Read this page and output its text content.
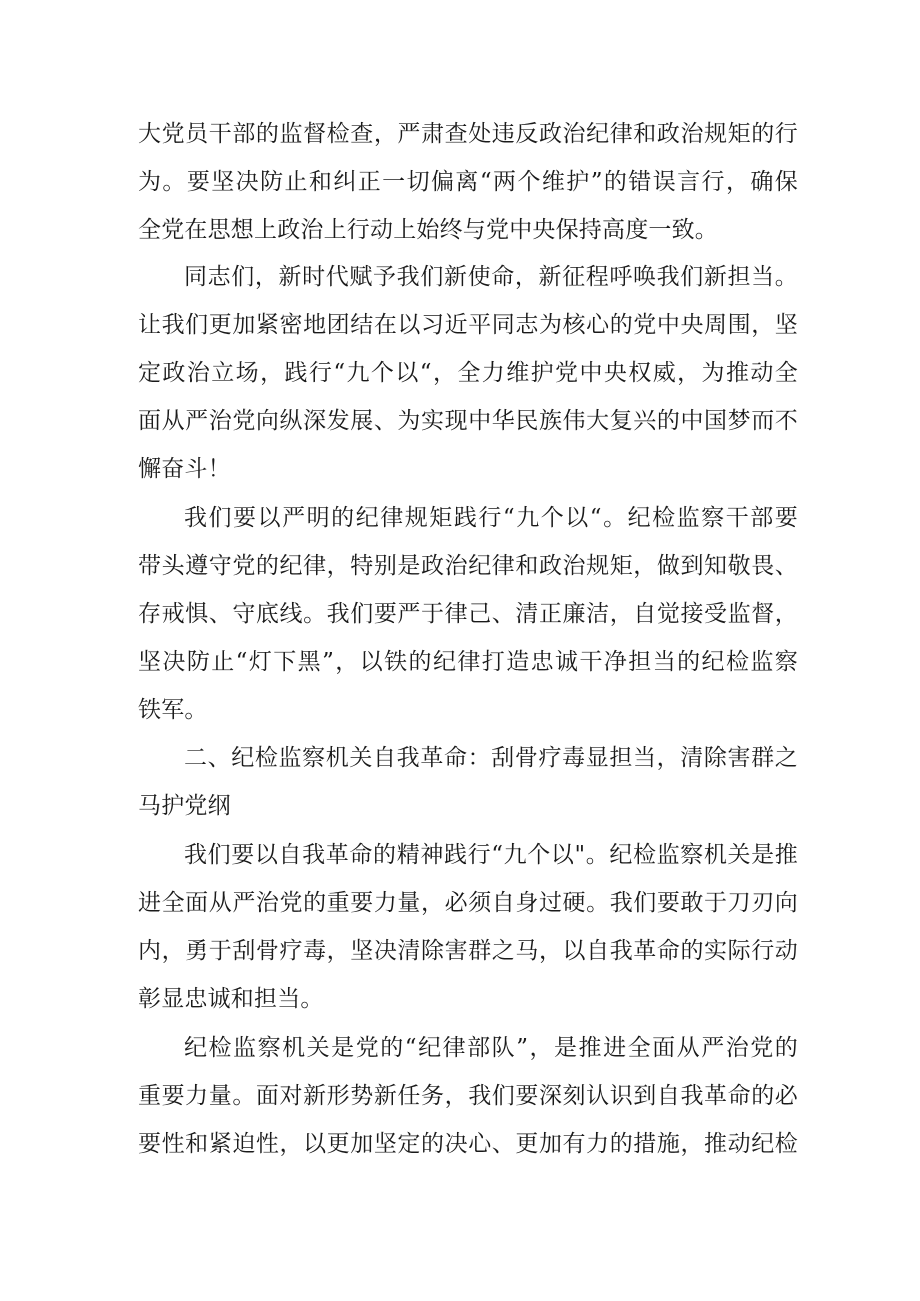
大党员干部的监督检查，严肃查处违反政治纪律和政治规矩的行
为。要坚决防止和纠正一切偏离“两个维护”的错误言行，确保
全党在思想上政治上行动上始终与党中央保持高度一致。
同志们，新时代赋予我们新使命，新征程呼唤我们新担当。
让我们更加紧密地团结在以习近平同志为核心的党中央周围，坚
定政治立场，践行“九个以“，全力维护党中央权威，为推动全
面从严治党向纵深发展、为实现中华民族伟大复兴的中国梦而不
懈奋斗！
我们要以严明的纪律规矩践行“九个以“。纪检监察干部要
带头遵守党的纪律，特别是政治纪律和政治规矩，做到知敬畏、
存戒惧、守底线。我们要严于律己、清正廉洁，自觉接受监督，
坚决防止“灯下黑”，以铁的纪律打造忠诚干净担当的纪检监察
铁军。
二、纪检监察机关自我革命：刮骨疗毒显担当，清除害群之
马护党纲
我们要以自我革命的精神践行“九个以"。纪检监察机关是推
进全面从严治党的重要力量，必须自身过硬。我们要敢于刀刃向
内，勇于刮骨疗毒，坚决清除害群之马，以自我革命的实际行动
彰显忠诚和担当。
纪检监察机关是党的“纪律部队”，是推进全面从严治党的
重要力量。面对新形势新任务，我们要深刻认识到自我革命的必
要性和紧迫性，以更加坚定的决心、更加有力的措施，推动纪检
